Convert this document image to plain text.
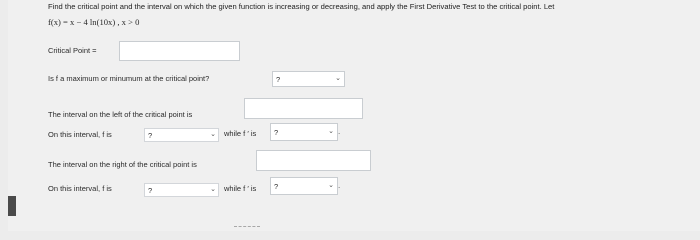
Find the critical point and the interval on which the given function is increasing or decreasing, and apply the First Derivative Test to the critical point. Let
f(x) = x − 4 ln(10x) , x > 0
Critical Point =
Is f a maximum or minumum at the critical point?	?	⌄
The interval on the left of the critical point is
On this interval, f is	?	⌄ while f ′ is	?	⌄ .
The interval on the right of the critical point is
On this interval, f is	?	⌄ while f ′ is	?	⌄ .
